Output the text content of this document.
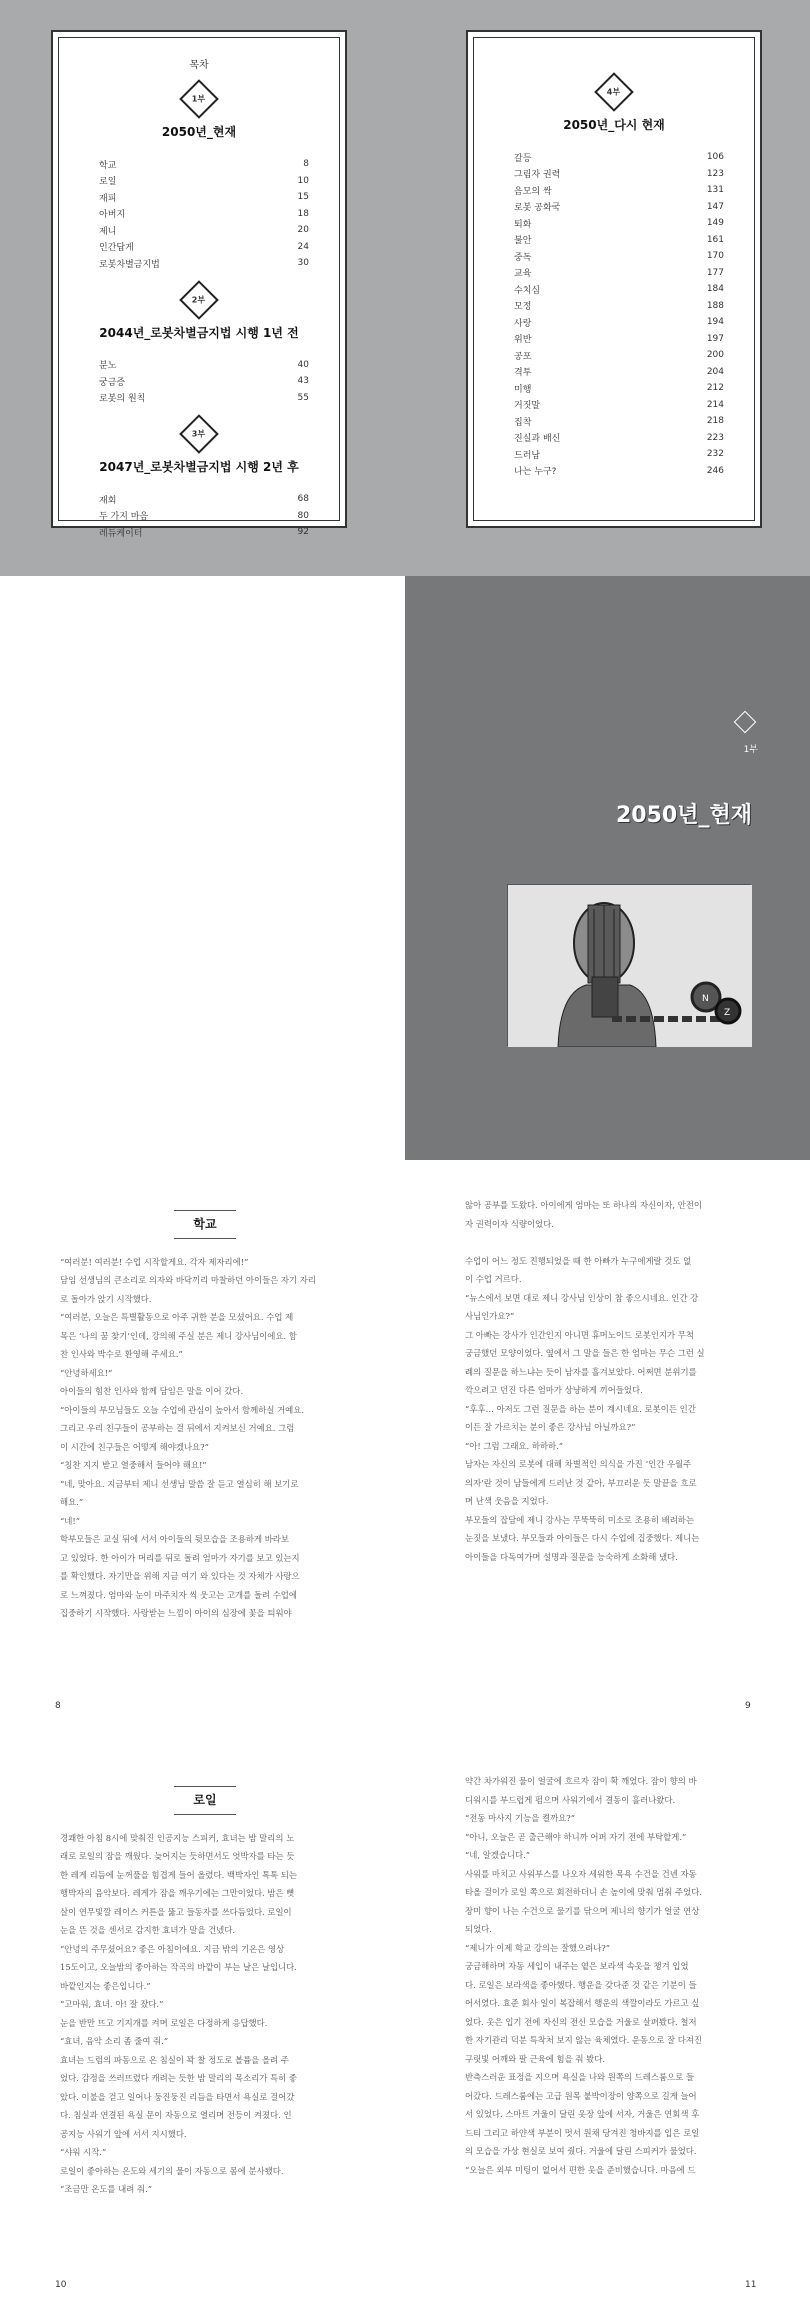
목차
1부
2050년_현재
학교	8
로일	10
재피	15
아버지	18
제니	20
인간답게	24
로봇차별금지법	30
2부
2044년_로봇차별금지법 시행 1년 전
분노	40
궁금증	43
로봇의 원칙	55
3부
2047년_로봇차별금지법 시행 2년 후
재회	68
두 가지 마음	80
레듀케이터	92
4부
2050년_다시 현재
갈등	106
그림자 권력	123
음모의 싹	131
로봇 공화국	147
퇴화	149
불안	161
중독	170
교육	177
수치심	184
모정	188
사랑	194
위반	197
공포	200
격투	204
미행	212
거짓말	214
집착	218
진실과 배신	223
드러남	232
나는 누구?	246
1부
2050년_현재
N
Z
학교
“여러분! 여러분! 수업 시작할게요. 각자 제자리에!”
담임 선생님의 큰소리로 의자와 바닥끼리 마찰하던 아이들은 자기 자리
로 돌아가 앉기 시작했다.
“여러분, 오늘은 특별활동으로 아주 귀한 분을 모셨어요. 수업 제
목은 ‘나의 꿈 찾기’인데, 강의해 주실 분은 제니 강사님이에요. 함
찬 인사와 박수로 환영해 주세요.”
“안녕하세요!”
아이들의 힘찬 인사와 함께 담임은 말을 이어 갔다.
“아이들의 부모님들도 오늘 수업에 관심이 높아서 함께하실 거예요.
그리고 우리 친구들이 공부하는 걸 뒤에서 지켜보신 거예요. 그럼
이 시간에 친구들은 어떻게 해야겠나요?”
“칭찬 지지 받고 열중해서 들어야 해요!”
“네, 맞아요. 지금부터 제니 선생님 말씀 잘 듣고 열심히 해 보기로
해요.”
“네!”
학부모들은 교실 뒤에 서서 아이들의 뒷모습을 조용하게 바라보
고 있었다. 한 아이가 머리를 뒤로 돌려 엄마가 자기를 보고 있는지
를 확인했다. 자기만을 위해 지금 여기 와 있다는 것 자체가 사랑으
로 느껴졌다. 엄마와 눈이 마주치자 씩 웃고는 고개를 돌려 수업에
집중하기 시작했다. 사랑받는 느낌이 아이의 심장에 꽃을 틔워야
8
않아 공부를 도왔다. 아이에게 엄마는 또 하나의 자신이자, 안전이
자 권력이자 식량이었다.
수업이 어느 정도 진행되었을 때 한 아빠가 누구에게랄 것도 없
이 수업 거르다.
“뉴스에서 보면 대로 제니 강사님 인상이 참 좋으시네요. 인간 강
사님인가요?”
그 아빠는 강사가 인간인지 아니면 휴머노이드 로봇인지가 무척
궁금했던 모양이었다. 옆에서 그 말을 들은 한 엄마는 무슨 그런 실
례의 질문을 하느냐는 듯이 남자를 흘겨보았다. 어쩌면 분위기를
깍으려고 던진 다른 엄마가 상냥하게 끼어들었다.
“후후… 아저도 그런 질문을 하는 분이 계시네요. 로봇이든 인간
이든 잘 가르치는 분이 좋은 강사님 아닐까요?”
“아! 그럼 그래요. 하하하.”
남자는 자신의 로봇에 대해 차별적인 의식을 가진 ‘인간 우월주
의자’란 것이 남들에게 드러난 것 같아, 부끄러운 듯 말끝을 흐로
며 난색 웃음을 지었다.
부모들의 잡담에 제니 강사는 무뚝뚝히 미소로 조용히 배려하는
눈짓을 보냈다. 부모들과 아이들은 다시 수업에 집중했다. 제니는
아이들을 다독여가며 설명과 질문을 능숙하게 소화해 냈다.
9
로일
경쾌한 아침 8시에 맞춰진 인공지능 스피커, 효녀는 밤 말리의 노
래로 로일의 잠을 깨웠다. 늦어지는 듯하면서도 엇박자를 타는 듯
한 레게 리듬에 눈꺼풀을 힘겹게 들어 올렸다. 백박자인 톡톡 되는
행박자의 음악보다. 레게가 잠을 깨우기에는 그만이었다. 밤은 뼛
살이 연무빛깔 레이스 커튼을 뚫고 들동자를 쓰다듬었다. 로일이
눈을 뜬 것을 센서로 감지한 효녀가 말을 건넸다.
“안녕의 주무셨어요? 좋은 아침이에요. 지금 밖의 기온은 영상
15도이고, 오늘밤의 좋아하는 작곡의 바깥이 부는 날은 날입니다.
바깥인지는 좋은입니다.”
“고마워, 효녀. 아! 잘 잤다.”
눈을 반만 뜨고 기지개를 켜며 로일은 다정하게 응답했다.
“효녀, 음악 소리 좀 줄여 줘.”
효녀는 드럼의 파동으로 온 침실이 꽉 찰 정도로 볼륨을 올려 주
었다. 감정을 쓰러뜨렸다 캐려는 듯한 밤 말리의 목소리가 특히 좋
았다. 이불을 걷고 일어나 둥진둥진 리듬을 타면서 욕실로 걸어갔
다. 침실과 연결된 욕실 문이 자동으로 열리며 전등이 켜졌다. 인
공지능 사워기 앞에 서서 지시했다.
“샤워 시작.”
로일이 좋아하는 온도와 세기의 물이 자동으로 몸에 분사됐다.
“조금만 온도를 내려 줘.”
10
약간 차가워진 물이 얼굴에 흐르자 잠이 확 깨었다. 잠이 향의 바
디워시를 부드럽게 펌으며 사워기에서 결동이 흘러나왔다.
“전동 마사지 기능을 켤까요?”
“아니, 오늘은 곧 출근해야 하니까 어퍼 자기 전에 부탁할게.”
“네, 알겠습니다.”
사워를 마치고 사워부스를 나오자 세워한 목욕 수건을 건넨 자동
타올 걸이가 로일 쪽으로 회전하더니 손 높이에 맞춰 멈춰 주었다.
장미 향이 나는 수건으로 물기를 닦으며 제니의 향기가 얼굴 연상
되었다.
“제니가 이제 학교 강의는 잘했으려나?”
궁금해하며 자동 세입이 내주는 옅은 보라색 속옷을 챙겨 입었
다. 로일은 보라색을 좋아했다. 행운을 갖다준 것 같은 기분이 들
어서였다. 효준 회사 일이 복잡해서 행운의 색깔이라도 가르고 싶
었다. 옷은 입기 전에 자신의 전신 모습을 거울로 살펴봤다. 철저
한 자기관리 덕분 특착처 보지 않는 육체였다. 운동으로 잘 다져진
구릿빛 어깨와 팔 근육에 힘을 줘 봤다.
반측스러운 표정을 지으며 욕실을 나와 원쪽의 드레스룸으로 들
어갔다. 드레스룸에는 고급 원목 붙박이장이 양쪽으로 길게 늘어
서 있었다. 스마트 거울이 달린 옷장 앞에 서자, 거울은 연회색 후
드티 그리고 하얀색 부분이 멋서 원채 당겨진 청바지를 입은 로일
의 모습을 가상 현실로 보여 줬다. 거울에 달린 스피커가 물었다.
“오늘은 외부 미팅이 없어서 편한 옷을 준비했습니다. 마음에 드
11
